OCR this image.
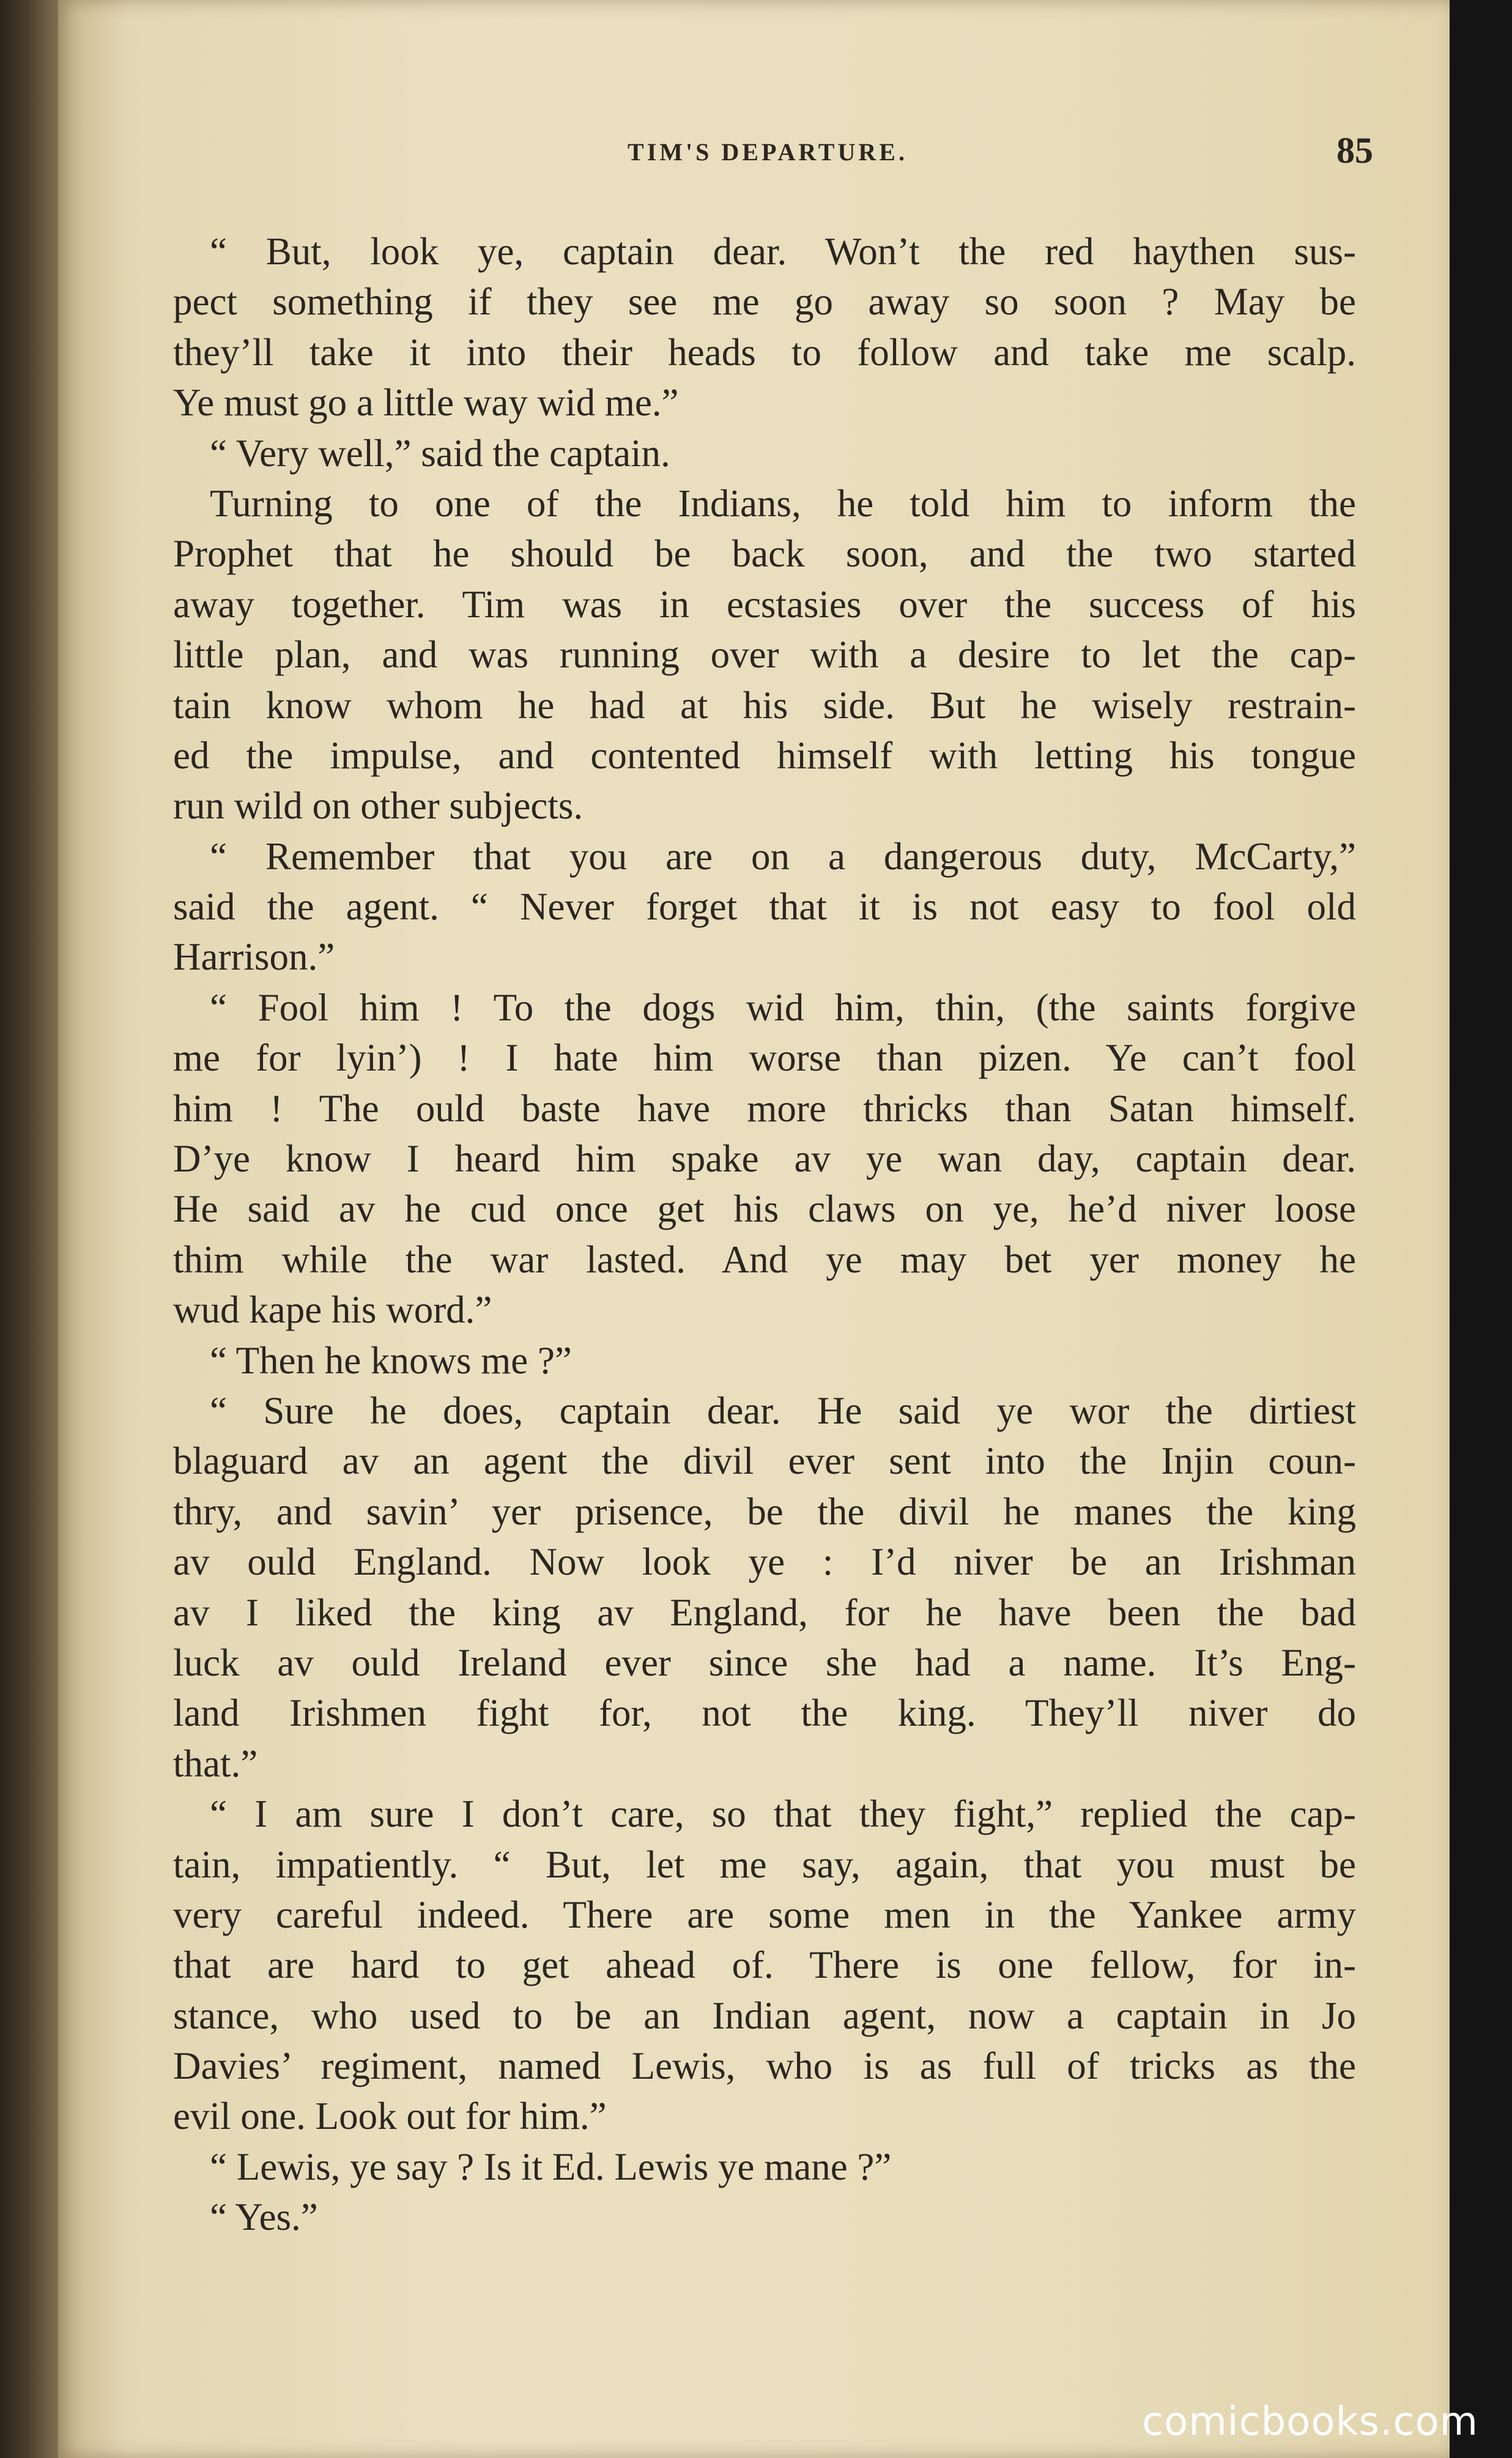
TIM'S DEPARTURE.	85
“ But, look ye, captain dear. Won’t the red haythen sus-
pect something if they see me go away so soon ? May be
they’ll take it into their heads to follow and take me scalp.
Ye must go a little way wid me.”
“ Very well,” said the captain.
Turning to one of the Indians, he told him to inform the
Prophet that he should be back soon, and the two started
away together. Tim was in ecstasies over the success of his
little plan, and was running over with a desire to let the cap-
tain know whom he had at his side. But he wisely restrain-
ed the impulse, and contented himself with letting his tongue
run wild on other subjects.
“ Remember that you are on a dangerous duty, McCarty,”
said the agent. “ Never forget that it is not easy to fool old
Harrison.”
“ Fool him ! To the dogs wid him, thin, (the saints forgive
me for lyin’) ! I hate him worse than pizen. Ye can’t fool
him ! The ould baste have more thricks than Satan himself.
D’ye know I heard him spake av ye wan day, captain dear.
He said av he cud once get his claws on ye, he’d niver loose
thim while the war lasted. And ye may bet yer money he
wud kape his word.”
“ Then he knows me ?”
“ Sure he does, captain dear. He said ye wor the dirtiest
blaguard av an agent the divil ever sent into the Injin coun-
thry, and savin’ yer prisence, be the divil he manes the king
av ould England. Now look ye : I’d niver be an Irishman
av I liked the king av England, for he have been the bad
luck av ould Ireland ever since she had a name. It’s Eng-
land Irishmen fight for, not the king. They’ll niver do
that.”
“ I am sure I don’t care, so that they fight,” replied the cap-
tain, impatiently. “ But, let me say, again, that you must be
very careful indeed. There are some men in the Yankee army
that are hard to get ahead of. There is one fellow, for in-
stance, who used to be an Indian agent, now a captain in Jo
Davies’ regiment, named Lewis, who is as full of tricks as the
evil one. Look out for him.”
“ Lewis, ye say ? Is it Ed. Lewis ye mane ?”
“ Yes.”
comicbooks.com
